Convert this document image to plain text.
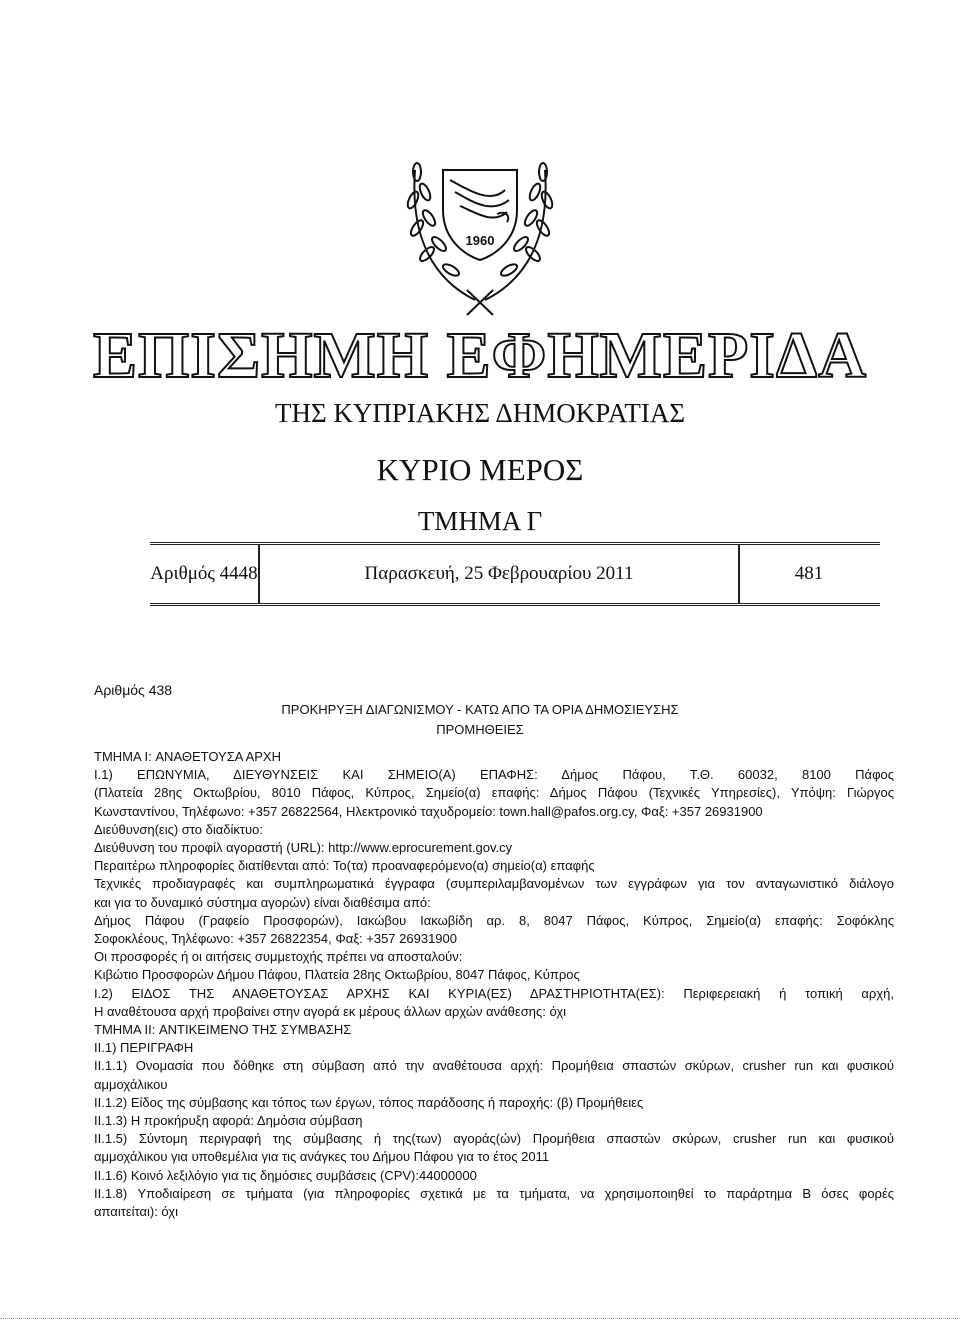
1960
ΕΠΙΣΗΜΗ ΕΦΗΜΕΡΙΔΑ
ΤΗΣ ΚΥΠΡΙΑΚΗΣ ΔΗΜΟΚΡΑΤΙΑΣ
ΚΥΡΙΟ ΜΕΡΟΣ
ΤΜΗΜΑ Γ
Αριθμός 4448	Παρασκευή, 25 Φεβρουαρίου 2011	481
Αριθμός 438
ΠΡΟΚΗΡΥΞΗ ΔΙΑΓΩΝΙΣΜΟΥ - ΚΑΤΩ ΑΠΟ ΤΑ ΟΡΙΑ ΔΗΜΟΣΙΕΥΣΗΣ
ΠΡΟΜΗΘΕΙΕΣ

ΤΜΗΜΑ I: ΑΝΑΘΕΤΟΥΣΑ ΑΡΧΗ

I.1) ΕΠΩΝΥΜΙΑ, ΔΙΕΥΘΥΝΣΕΙΣ ΚΑΙ ΣΗΜΕΙΟ(Α) ΕΠΑΦΗΣ: Δήμος Πάφου, Τ.Θ. 60032, 8100 Πάφος

(Πλατεία 28ης Οκτωβρίου, 8010 Πάφος, Κύπρος, Σημείο(α) επαφής: Δήμος Πάφου (Τεχνικές Υπηρεσίες), Υπόψη: Γιώργος

Κωνσταντίνου, Τηλέφωνο: +357 26822564, Ηλεκτρονικό ταχυδρομείο: town.hall@pafos.org.cy, Φαξ: +357 26931900

Διεύθυνση(εις) στο διαδίκτυο:

Διεύθυνση του προφίλ αγοραστή (URL): http://www.eprocurement.gov.cy

Περαιτέρω πληροφορίες διατίθενται από: Το(τα) προαναφερόμενο(α) σημείο(α) επαφής

Τεχνικές προδιαγραφές και συμπληρωματικά έγγραφα (συμπεριλαμβανομένων των εγγράφων για τον ανταγωνιστικό διάλογο

και για το δυναμικό σύστημα αγορών) είναι διαθέσιμα από:

Δήμος Πάφου (Γραφείο Προσφορών), Ιακώβου Ιακωβίδη αρ. 8, 8047 Πάφος, Κύπρος, Σημείο(α) επαφής: Σοφόκλης

Σοφοκλέους, Τηλέφωνο: +357 26822354, Φαξ: +357 26931900

Οι προσφορές ή οι αιτήσεις συμμετοχής πρέπει να αποσταλούν:

Κιβώτιο Προσφορών Δήμου Πάφου, Πλατεία 28ης Οκτωβρίου, 8047 Πάφος, Κύπρος

I.2) ΕΙΔΟΣ ΤΗΣ ΑΝΑΘΕΤΟΥΣΑΣ ΑΡΧΗΣ ΚΑΙ ΚΥΡΙΑ(ΕΣ) ΔΡΑΣΤΗΡΙΟΤΗΤΑ(ΕΣ): Περιφερειακή ή τοπική αρχή,

Η αναθέτουσα αρχή προβαίνει στην αγορά εκ μέρους άλλων αρχών ανάθεσης: όχι

ΤΜΗΜΑ II: ΑΝΤΙΚΕΙΜΕΝΟ ΤΗΣ ΣΥΜΒΑΣΗΣ

II.1) ΠΕΡΙΓΡΑΦΗ

II.1.1) Ονομασία που δόθηκε στη σύμβαση από την αναθέτουσα αρχή: Προμήθεια σπαστών σκύρων, crusher run και φυσικού

αμμοχάλικου

II.1.2) Είδος της σύμβασης και τόπος των έργων, τόπος παράδοσης ή παροχής: (β) Προμήθειες

II.1.3) Η προκήρυξη αφορά: Δημόσια σύμβαση

II.1.5) Σύντομη περιγραφή της σύμβασης ή της(των) αγοράς(ών) Προμήθεια σπαστών σκύρων, crusher run και φυσικού

αμμοχάλικου για υποθεμέλια για τις ανάγκες του Δήμου Πάφου για το έτος 2011

II.1.6) Κοινό λεξιλόγιο για τις δημόσιες συμβάσεις (CPV):44000000

II.1.8) Υποδιαίρεση σε τμήματα (για πληροφορίες σχετικά με τα τμήματα, να χρησιμοποιηθεί το παράρτημα Β όσες φορές

απαιτείται): όχι
